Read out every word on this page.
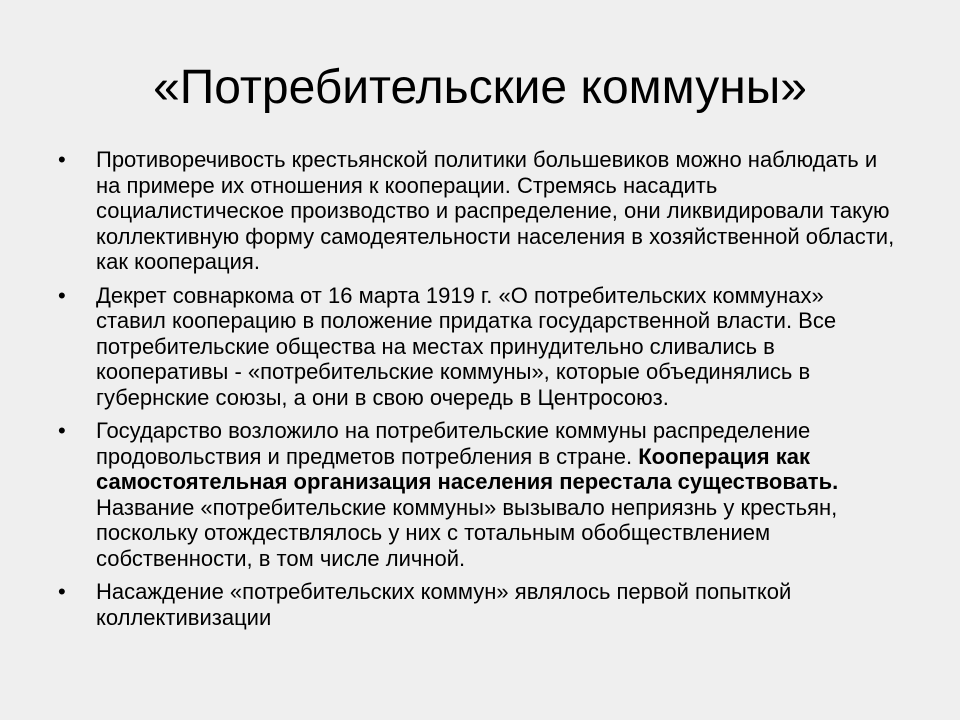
«Потребительские коммуны»
• Противоречивость крестьянской политики большевиков можно наблюдать и на примере их отношения к кооперации. Стремясь насадить социалистическое производство и распределение, они ликвидировали такую коллективную форму самодеятельности населения в хозяйственной области, как кооперация.
• Декрет совнаркома от 16 марта 1919 г. «О потребительских коммунах» ставил кооперацию в положение придатка государственной власти. Все потребительские общества на местах принудительно сливались в кооперативы - «потребительские коммуны», которые объединялись в губернские союзы, а они в свою очередь в Центросоюз.
• Государство возложило на потребительские коммуны распределение продовольствия и предметов потребления в стране. Кооперация как самостоятельная организация населения перестала существовать. Название «потребительские коммуны» вызывало неприязнь у крестьян, поскольку отождествлялось у них с тотальным обобществлением собственности, в том числе личной.
• Насаждение «потребительских коммун» являлось первой попыткой коллективизации
